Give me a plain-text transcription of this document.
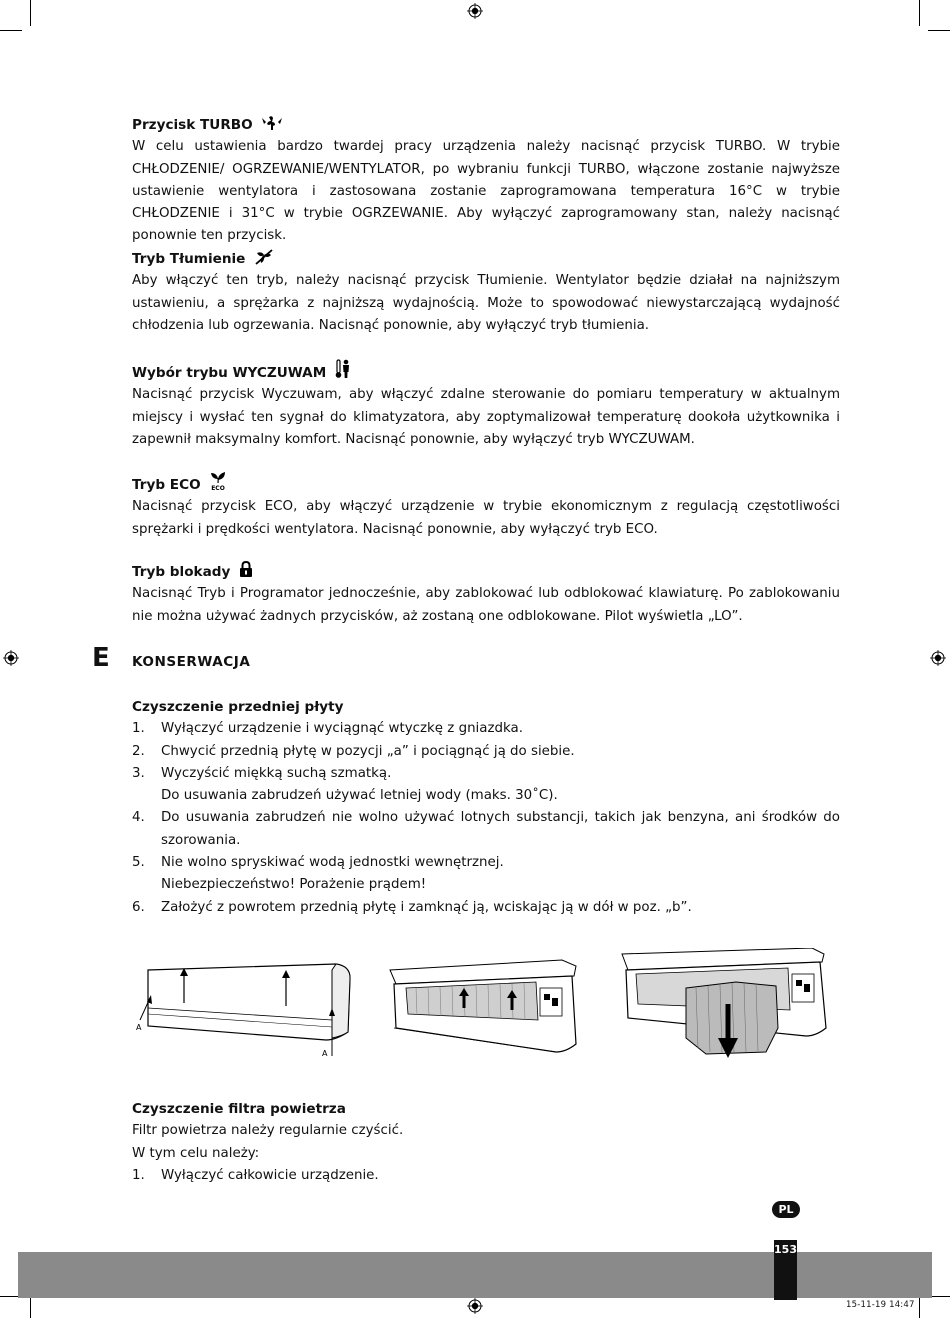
Przycisk TURBO

W celu ustawienia bardzo twardej pracy urządzenia należy nacisnąć przycisk TURBO. W trybie CHŁODZENIE/ OGRZEWANIE/WENTYLATOR, po wybraniu funkcji TURBO, włączone zostanie najwyższe ustawienie wentylatora i zastosowana zostanie zaprogramowana temperatura 16°C w trybie CHŁODZENIE i 31°C w trybie OGRZEWANIE. Aby wyłączyć zaprogramowany stan, należy nacisnąć ponownie ten przycisk.

Tryb Tłumienie

Aby włączyć ten tryb, należy nacisnąć przycisk Tłumienie. Wentylator będzie działał na najniższym ustawieniu, a sprężarka z najniższą wydajnością. Może to spowodować niewystarczającą wydajność chłodzenia lub ogrzewania. Nacisnąć ponownie, aby wyłączyć tryb tłumienia.

Wybór trybu WYCZUWAM

Nacisnąć przycisk Wyczuwam, aby włączyć zdalne sterowanie do pomiaru temperatury w aktualnym miejscy i wysłać ten sygnał do klimatyzatora, aby zoptymalizował temperaturę dookoła użytkownika i zapewnił maksymalny komfort. Nacisnąć ponownie, aby wyłączyć tryb WYCZUWAM.

Tryb ECO ECO

Nacisnąć przycisk ECO, aby włączyć urządzenie w trybie ekonomicznym z regulacją częstotliwości sprężarki i prędkości wentylatora. Nacisnąć ponownie, aby wyłączyć tryb ECO.

Tryb blokady

Nacisnąć Tryb i Programator jednocześnie, aby zablokować lub odblokować klawiaturę. Po zablokowaniu nie można używać żadnych przycisków, aż zostaną one odblokowane. Pilot wyświetla „LO”.

E KONSERWACJA

Czyszczenie przedniej płyty

1. Wyłączyć urządzenie i wyciągnąć wtyczkę z gniazdka.
2. Chwycić przednią płytę w pozycji „a” i pociągnąć ją do siebie.
3. Wyczyścić miękką suchą szmatką.
Do usuwania zabrudzeń używać letniej wody (maks. 30˚C).
4. Do usuwania zabrudzeń nie wolno używać lotnych substancji, takich jak benzyna, ani środków do szorowania.
5. Nie wolno spryskiwać wodą jednostki wewnętrznej.
Niebezpieczeństwo! Porażenie prądem!
6. Założyć z powrotem przednią płytę i zamknąć ją, wciskając ją w dół w poz. „b”.
A
A

Czyszczenie filtra powietrza

Filtr powietrza należy regularnie czyścić.

W tym celu należy:

1. Wyłączyć całkowicie urządzenie.
PL
153
15-11-19 14:47
